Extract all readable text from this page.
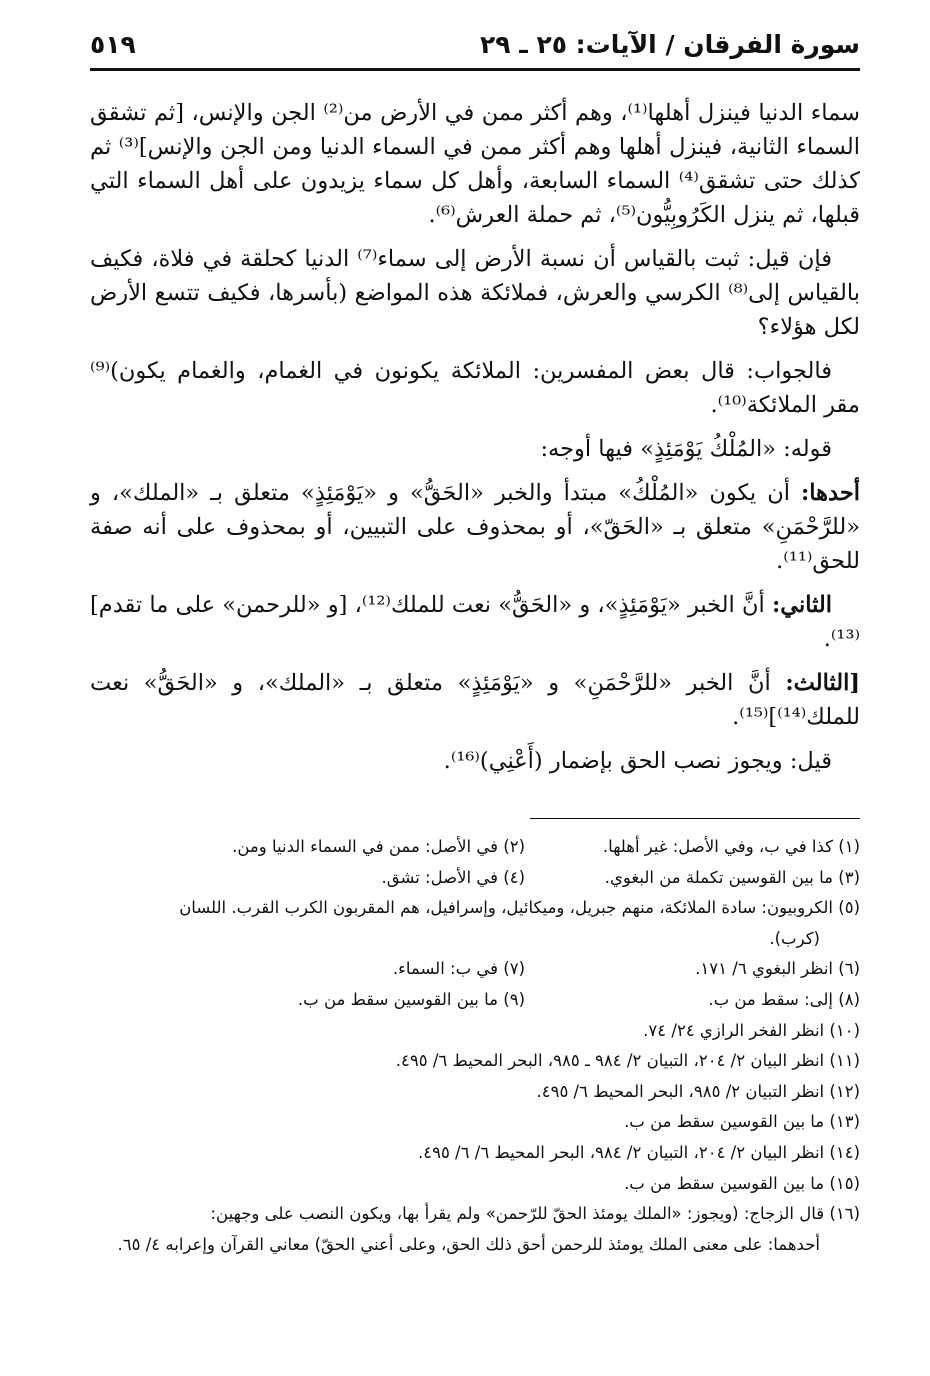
سورة الفرقان / الآيات: ٢٥ ـ ٢٩
٥١٩

سماء الدنيا فينزل أهلها⁽¹⁾، وهم أكثر ممن في الأرض من⁽²⁾ الجن والإنس، [ثم تشقق السماء الثانية، فينزل أهلها وهم أكثر ممن في السماء الدنيا ومن الجن والإنس]⁽³⁾ ثم كذلك حتى تشقق⁽⁴⁾ السماء السابعة، وأهل كل سماء يزيدون على أهل السماء التي قبلها، ثم ينزل الكَرُوبِيُّون⁽⁵⁾، ثم حملة العرش⁽⁶⁾.

فإن قيل: ثبت بالقياس أن نسبة الأرض إلى سماء⁽⁷⁾ الدنيا كحلقة في فلاة، فكيف بالقياس إلى⁽⁸⁾ الكرسي والعرش، فملائكة هذه المواضع (بأسرها، فكيف تتسع الأرض لكل هؤلاء؟

فالجواب: قال بعض المفسرين: الملائكة يكونون في الغمام، والغمام يكون)⁽⁹⁾ مقر الملائكة⁽¹⁰⁾.

قوله: «المُلْكُ يَوْمَئِذٍ» فيها أوجه:

أحدها: أن يكون «المُلْكُ» مبتدأ والخبر «الحَقُّ» و «يَوْمَئِذٍ» متعلق بـ «الملك»، و «للرَّحْمَنِ» متعلق بـ «الحَقّ»، أو بمحذوف على التبيين، أو بمحذوف على أنه صفة للحق⁽¹¹⁾.

الثاني: أنَّ الخبر «يَوْمَئِذٍ»، و «الحَقُّ» نعت للملك⁽¹²⁾، [و «للرحمن» على ما تقدم]⁽¹³⁾.

[الثالث: أنَّ الخبر «للرَّحْمَنِ» و «يَوْمَئِذٍ» متعلق بـ «الملك»، و «الحَقُّ» نعت للملك⁽¹⁴⁾]⁽¹⁵⁾.

قيل: ويجوز نصب الحق بإضمار (أَعْنِي)⁽¹⁶⁾.

(١) كذا في ب، وفي الأصل: غير أهلها.
(٢) في الأصل: ممن في السماء الدنيا ومن.
(٣) ما بين القوسين تكملة من البغوي.
(٤) في الأصل: تشق.

(٥) الكروبيون: سادة الملائكة، منهم جبريل، وميكائيل، وإسرافيل، هم المقربون الكرب القرب. اللسان

(كرب).

(٦) انظر البغوي ٦/ ١٧١.
(٧) في ب: السماء.
(٨) إلى: سقط من ب.
(٩) ما بين القوسين سقط من ب.

(١٠) انظر الفخر الرازي ٢٤/ ٧٤.

(١١) انظر البيان ٢/ ٢٠٤، التبيان ٢/ ٩٨٤ ـ ٩٨٥، البحر المحيط ٦/ ٤٩٥.

(١٢) انظر التبيان ٢/ ٩٨٥، البحر المحيط ٦/ ٤٩٥.

(١٣) ما بين القوسين سقط من ب.

(١٤) انظر البيان ٢/ ٢٠٤، التبيان ٢/ ٩٨٤، البحر المحيط ٦/ ٦/ ٤٩٥.

(١٥) ما بين القوسين سقط من ب.

(١٦) قال الزجاج: (ويجوز: «الملك يومئذ الحقّ للرّحمن» ولم يقرأ بها، ويكون النصب على وجهين:

أحدهما: على معنى الملك يومئذ للرحمن أحق ذلك الحق، وعلى أعني الحقّ) معاني القرآن وإعرابه ٤/ ٦٥.
